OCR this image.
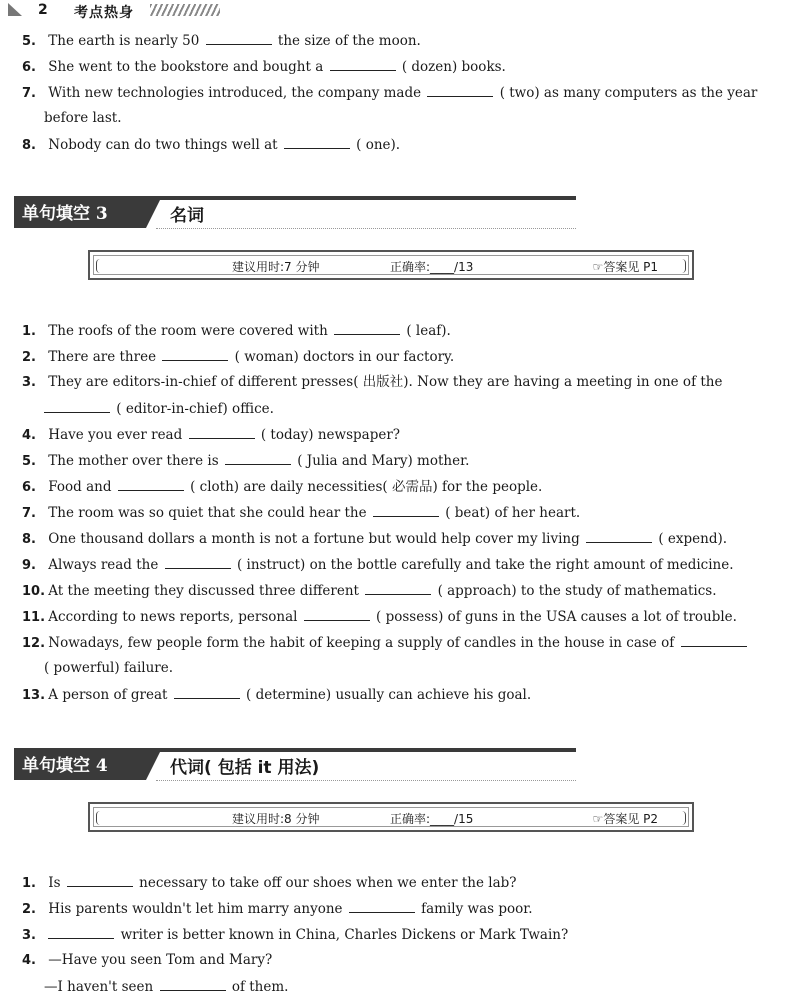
2 考点热身
5. The earth is nearly 50	the size of the moon.
6. She went to the bookstore and bought a	( dozen) books.
7. With new technologies introduced, the company made	( two) as many computers as the year
before last.
8. Nobody can do two things well at	( one).
单句填空 3	名词
建议用时:7 分钟	正确率:____/13	☞答案见 P1
1. The roofs of the room were covered with	( leaf).
2. There are three	( woman) doctors in our factory.
3. They are editors-in-chief of different presses( 出版社). Now they are having a meeting in one of the
( editor-in-chief) office.
4. Have you ever read	( today) newspaper?
5. The mother over there is	( Julia and Mary) mother.
6. Food and	( cloth) are daily necessities( 必需品) for the people.
7. The room was so quiet that she could hear the	( beat) of her heart.
8. One thousand dollars a month is not a fortune but would help cover my living	( expend).
9. Always read the	( instruct) on the bottle carefully and take the right amount of medicine.
10. At the meeting they discussed three different	( approach) to the study of mathematics.
11. According to news reports, personal	( possess) of guns in the USA causes a lot of trouble.
12. Nowadays, few people form the habit of keeping a supply of candles in the house in case of
( powerful) failure.
13. A person of great	( determine) usually can achieve his goal.
单句填空 4	代词( 包括 it 用法)
建议用时:8 分钟	正确率:____/15	☞答案见 P2
1. Is	necessary to take off our shoes when we enter the lab?
2. His parents wouldn't let him marry anyone	family was poor.
3.	writer is better known in China, Charles Dickens or Mark Twain?
4. —Have you seen Tom and Mary?
—I haven't seen	of them.
